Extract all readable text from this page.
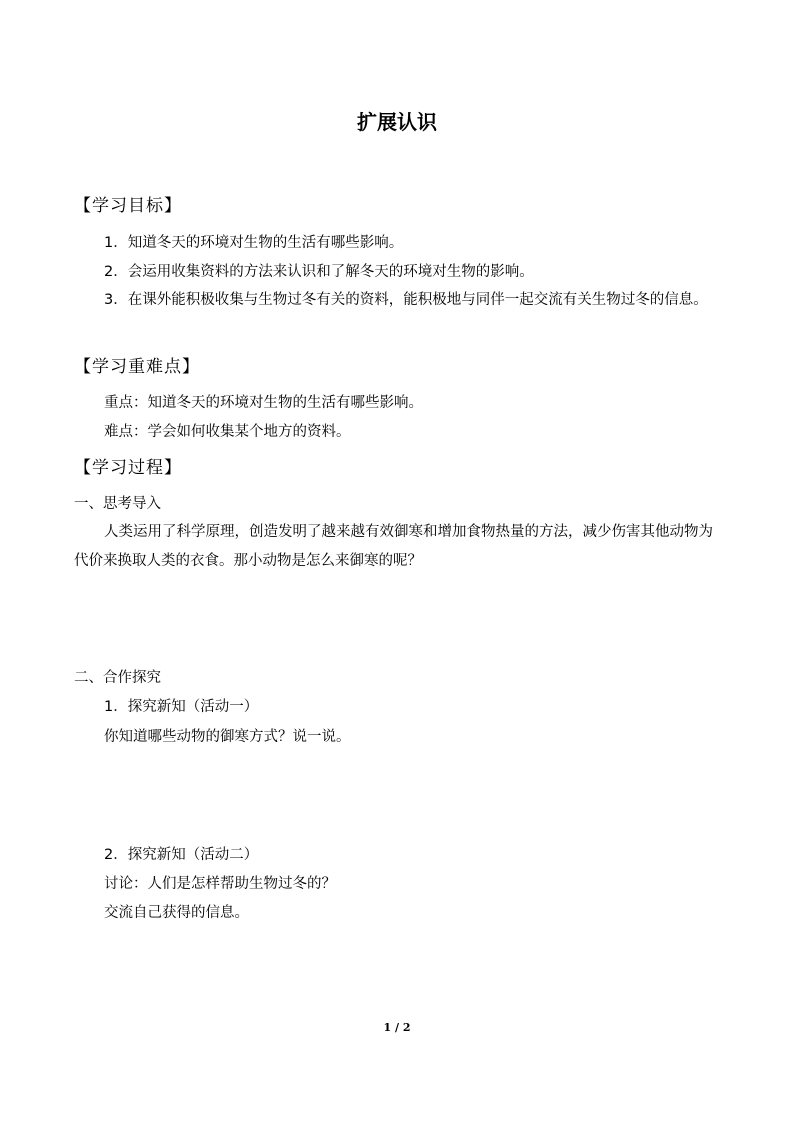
扩展认识
【学习目标】
1．知道冬天的环境对生物的生活有哪些影响。
2．会运用收集资料的方法来认识和了解冬天的环境对生物的影响。
3．在课外能积极收集与生物过冬有关的资料，能积极地与同伴一起交流有关生物过冬的信息。
【学习重难点】
重点：知道冬天的环境对生物的生活有哪些影响。
难点：学会如何收集某个地方的资料。
【学习过程】
一、思考导入
人类运用了科学原理，创造发明了越来越有效御寒和增加食物热量的方法，减少伤害其他动物为代价来换取人类的衣食。那小动物是怎么来御寒的呢？
二、合作探究
1．探究新知（活动一）
你知道哪些动物的御寒方式？说一说。
2．探究新知（活动二）
讨论：人们是怎样帮助生物过冬的？
交流自己获得的信息。
1 / 2
